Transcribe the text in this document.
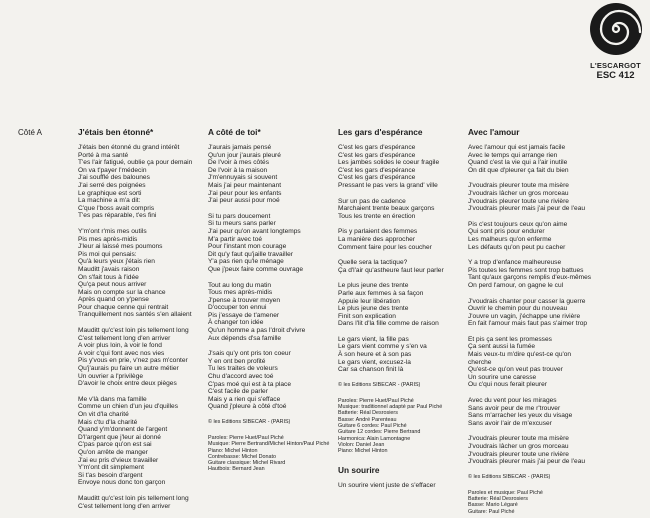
L'ESCARGOT
ESC 412
Côté A	J'étais ben étonné*
J'étais ben étonné du grand intérêt
Porté à ma santé
T'es l'air fatigué, oublie ça pour demain
On va t'payer l'médecin
J'ai soufflé des balounes
J'ai serré des poignées
Le graphique est sorti
La machine a m'a dit:
C'que l'boss avait compris
T'es pas réparable, t'es fini
Y'm'ont r'mis mes outils
Pis mes après-midis
J'leur ai laissé mes poumons
Pis moi qui pensais:
Qu'à leurs yeux j'étais rien
Mauditt j'avais raison
On s'fait tous à l'idée
Qu'ça peut nous arriver
Mais on compte sur la chance
Après quand on y'pense
Pour chaque cenne qui rentrait
Tranquillement nos santés s'en allaient
Mauditt qu'c'est loin pis tellement long
C'est tellement long d'en arriver
A voir plus loin, à voir le fond
A voir c'qui font avec nos vies
Pis y'vous en prie, v'nez pas m'conter
Qu'j'aurais pu faire un autre métier
Un ouvrier a l'privilège
D'avoir le choix entre deux pièges
Me v'là dans ma famille
Comme un chien d'un jeu d'quilles
On vit d'la charité
Mais c'tu d'la charité
Quand y'm'donnent de l'argent
D'l'argent que j'leur ai donné
C'pas parce qu'on est sai
Qu'on arrête de manger
J'ai eu pris d'vieux travailler
Y'm'ont dit simplement
Si t'as besoin d'argent
Envoye nous donc ton garçon
Mauditt qu'c'est loin pis tellement long
C'est tellement long d'en arriver
A côté de toi*
J'aurais jamais pensé
Qu'un jour j'aurais pleuré
De l'voir à mes côtés
De l'voir à la maison
J'm'ennuyais si souvent
Mais j'ai peur maintenant
J'ai peur pour les enfants
J'ai peur aussi pour moé
Si tu pars doucement
Si tu meurs sans parler
J'ai peur qu'on avant longtemps
M'a partir avec toé
Pour l'instant mon courage
Dit qu'y faut qu'jaille travailler
Y'a pas rien qu'le ménage
Que j'peux faire comme ouvrage
Tout au long du matin
Tous mes après-midis
J'pense à trouver moyen
D'occuper ton ennui
Pis j'essaye de t'amener
À changer ton idée
Qu'un homme a pas l'droit d'vivre
Aux dépends d'sa famille
J'sais qu'y ont pris ton coeur
Y en ont ben profité
Tu les traites de voleurs
Chu d'accord avec toé
C'pas moé qui est à ta place
C'est facile de parler
Mais y a rien qui s'efface
Quand j'pleure à côté d'toé
© les Editions SIBECAR - (PARIS)
Paroles: Pierre Huet/Paul Piché
Musique: Pierre Bertrand/Michel Hinton/Paul Piché
Piano: Michel Hinton
Contrebasse: Michel Donato
Guitare classique: Michel Rivard
Hautbois: Bernard Jean
Les gars d'espérance
C'est les gars d'espérance
C'est les gars d'espérance
Les jambes solides le coeur fragile
C'est les gars d'espérance
C'est les gars d'espérance
Pressant le pas vers la grand' ville
Sur un pas de cadence
Marchaient trente beaux garçons
Tous les trente en érection
Pis y parlaient des femmes
La manière des approcher
Comment faire pour les coucher
Quelle sera la tactique?
Ça d'l'air qu'astheure faut leur parler
Le plus jeune des trente
Parle aux femmes à sa façon
Appuie leur libération
Le plus jeune des trente
Finit son explication
Dans l'lit d'la fille comme de raison
Le gars vient, la fille pas
Le gars vient comme y s'en va
À son heure et à son pas
Le gars vient, excusez-la
Car sa chanson finit là
© les Editions SIBECAR - (PARIS)
Paroles: Pierre Huet/Paul Piché
Musique: traditionnel adapté par Paul Piché
Batterie: Réal Desrosiers
Basse: André Parenteau
Guitare 6 cordes: Paul Piché
Guitare 12 cordes: Pierre Bertrand
Harmonica: Alain Lamontagne
Violon: Daniel Jean
Piano: Michel Hinton
Un sourire
Un sourire vient juste de s'effacer
Avec l'amour
Avec l'amour qui est jamais facile
Avec le temps qui arrange rien
Quand c'est la vie qui a l'air inutile
On dit que d'pleurer ça fait du bien
J'voudrais pleurer toute ma misère
J'voudrais lâcher un gros morceau
J'voudrais pleurer toute une rivière
J'voudrais pleurer mais j'ai peur de l'eau
Pis c'est toujours ceux qu'on aime
Qui sont pris pour endurer
Les malheurs qu'on enferme
Les défauts qu'on peut pu cacher
Y a trop d'enfance malheureuse
Pis toutes les femmes sont trop battues
Tant qu'aux garçons remplis d'eux-mêmes
On perd l'amour, on gagne le cul
J'voudrais chanter pour casser la guerre
Ouvrir le chemin pour du nouveau
J'ouvre un vagin, j'échappe une rivière
En fait l'amour mais faut pas s'aimer trop
Et pis ça sent les promesses
Ça sent aussi la fumée
Mais veux-tu m'dire qu'est-ce qu'on
cherche
Qu'est-ce qu'on veut pas trouver
Un sourire une caresse
Ou c'qui nous ferait pleurer
Avec du vent pour les mirages
Sans avoir peur de me r'trouver
Sans m'arracher les yeux du visage
Sans avoir l'air de m'excuser
J'voudrais pleurer toute ma misère
J'voudrais lâcher un gros morceau
J'voudrais pleurer toute une rivière
J'voudrais pleurer mais j'ai peur de l'eau
© les Editions SIBECAR - (PARIS)
Paroles et musique: Paul Piché
Batterie: Réal Desrosiers
Basse: Mario Légaré
Guitare: Paul Piché
